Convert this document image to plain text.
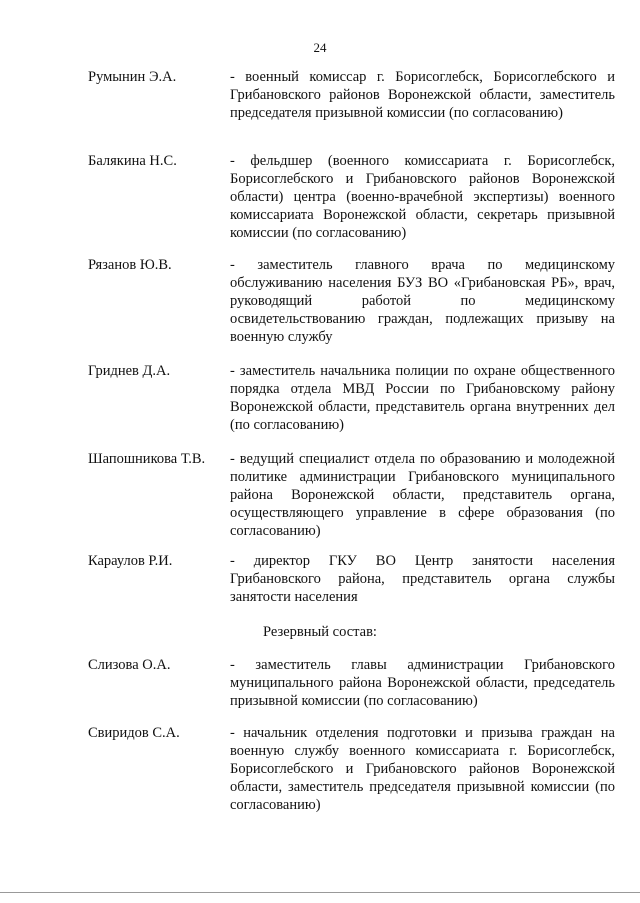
24
Румынин Э.А.	- военный комиссар г. Борисоглебск, Борисоглебского и Грибановского районов Воронежской области, заместитель председателя призывной комиссии (по согласованию)
Балякина Н.С.	- фельдшер (военного комиссариата г. Борисоглебск, Борисоглебского и Грибановского районов Воронежской области) центра (военно-врачебной экспертизы) военного комиссариата Воронежской области, секретарь призывной комиссии (по согласованию)
Рязанов Ю.В.	- заместитель главного врача по медицинскому обслуживанию населения БУЗ ВО «Грибановская РБ», врач, руководящий работой по медицинскому освидетельствованию граждан, подлежащих призыву на военную службу
Гриднев Д.А.	- заместитель начальника полиции по охране общественного порядка отдела МВД России по Грибановскому району Воронежской области, представитель органа внутренних дел (по согласованию)
Шапошникова Т.В.	- ведущий специалист отдела по образованию и молодежной политике администрации Грибановского муниципального района Воронежской области, представитель органа, осуществляющего управление в сфере образования (по согласованию)
Караулов Р.И.	- директор ГКУ ВО Центр занятости населения Грибановского района, представитель органа службы занятости населения
Резервный состав:
Слизова О.А.	- заместитель главы администрации Грибановского муниципального района Воронежской области, председатель призывной комиссии (по согласованию)
Свиридов С.А.	- начальник отделения подготовки и призыва граждан на военную службу военного комиссариата г. Борисоглебск, Борисоглебского и Грибановского районов Воронежской области, заместитель председателя призывной комиссии (по согласованию)
